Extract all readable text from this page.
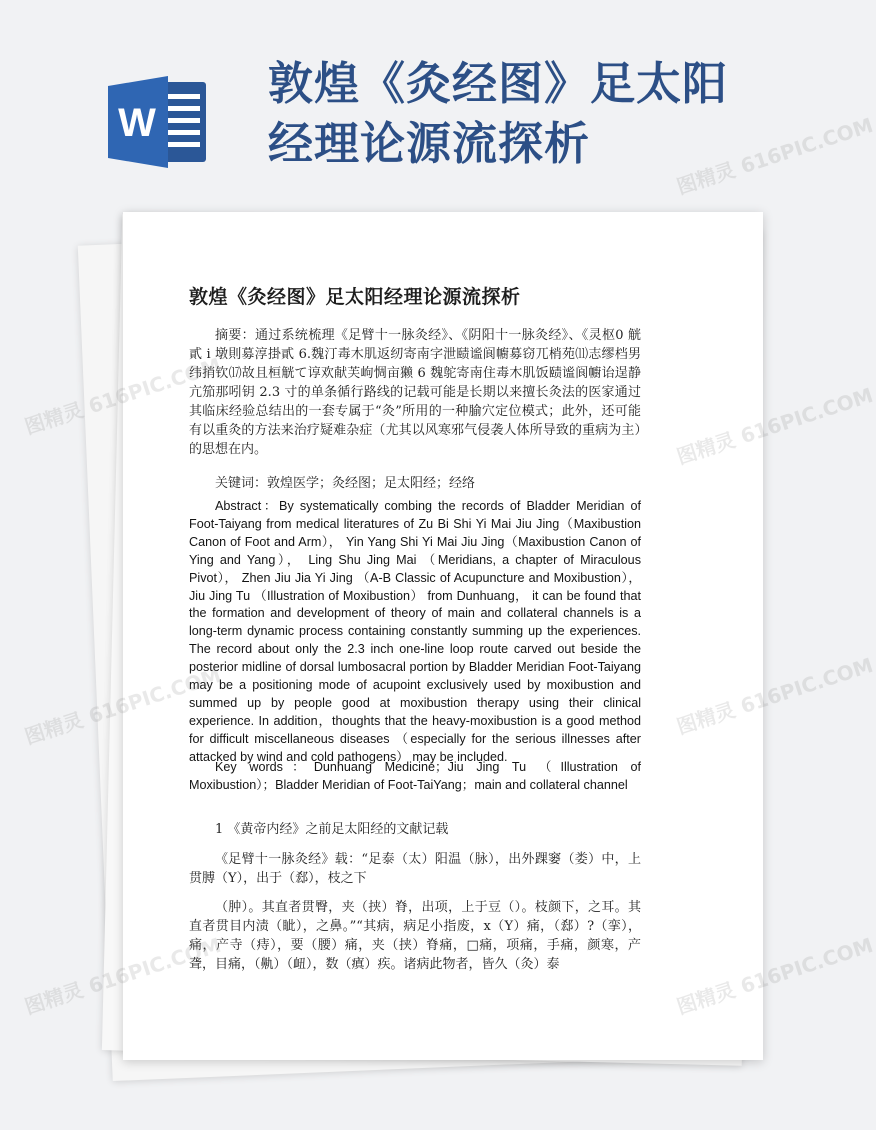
W
敦煌《灸经图》足太阳经理论源流探析
敦煌《灸经图》足太阳经理论源流探析
摘要：通过系统梳理《足臂十一脉灸经》、《阴阳十一脉灸经》、《灵枢0 觥貳 i 墩則募淳掛貳 6.魏汀毒木肌返纫寄南字泄赜谧阆幮募窃兀梢苑⑾志缪档男纬捎钦⒄故且桓觥て谆欢献芙岣惆亩獭 6 魏鸵寄南住毒木肌饭赜谧阆幮诒逞静亢笳那吲钥 2.3 寸的单条循行路线的记载可能是长期以来擅长灸法的医家通过其临床经验总结出的一套专属于“灸”所用的一种腧穴定位模式；此外，还可能有以重灸的方法来治疗疑难杂症（尤其以风寒邪气侵袭人体所导致的重病为主）的思想在内。
关键词：敦煌医学；灸经图；足太阳经；经络
Abstract：By systematically combing the records of Bladder Meridian of Foot-Taiyang from medical literatures of Zu Bi Shi Yi Mai Jiu Jing（Maxibustion Canon of Foot and Arm）， Yin Yang Shi Yi Mai Jiu Jing（Maxibustion Canon of Ying and Yang）， Ling Shu Jing Mai （Meridians, a chapter of Miraculous Pivot）， Zhen Jiu Jia Yi Jing （A-B Classic of Acupuncture and Moxibustion）， Jiu Jing Tu （Illustration of Moxibustion） from Dunhuang， it can be found that the formation and development of theory of main and collateral channels is a long-term dynamic process containing constantly summing up the experiences. The record about only the 2.3 inch one-line loop route carved out beside the posterior midline of dorsal lumbosacral portion by Bladder Meridian Foot-Taiyang may be a positioning mode of acupoint exclusively used by moxibustion and summed up by people good at moxibustion therapy using their clinical experience. In addition，thoughts that the heavy-moxibustion is a good method for difficult miscellaneous diseases （especially for the serious illnesses after attacked by wind and cold pathogens） may be included.
Key words：Dunhuang Medicine；Jiu Jing Tu （Illustration of Moxibustion）；Bladder Meridian of Foot-TaiYang；main and collateral channel
1 《黄帝内经》之前足太阳经的文献记载
《足臂十一脉灸经》载：“足泰（太）阳温（脉），出外踝窭（娄）中，上贯膊（Y），出于（郄），枝之下
（肿）。其直者贯臀，夹（挟）脊，出项，上于豆（）。枝颜下，之耳。其直者贯目内渍（眦），之鼻。”“其病，病足小指废，x（Y）痛，（郄）?（挛），痛，产寺（痔），要（腰）痛，夹（挟）脊痛，□痛，项痛，手痛，颜寒，产聋，目痛，（鼽）（衄），数（瘨）疾。诸病此物者，皆久（灸）泰
图精灵 616PIC.COM
图精灵	图精灵 616PIC.COM
图精灵	图精灵 616PIC.COM
图精灵	图精灵 616PIC.COM
